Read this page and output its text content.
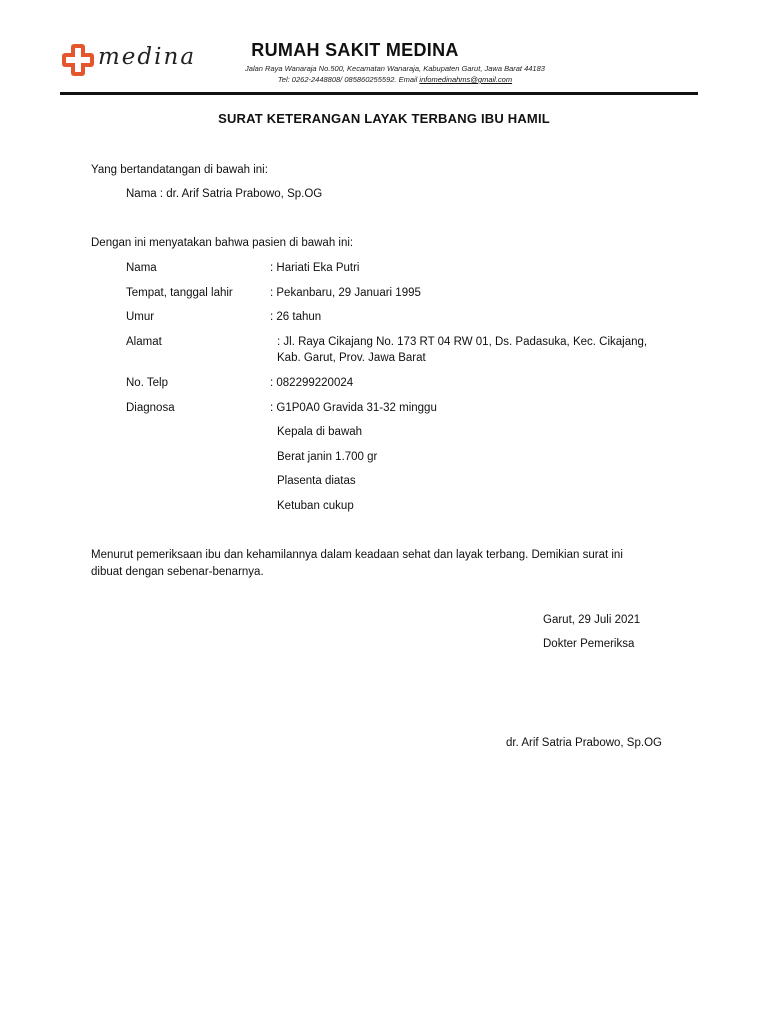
medina	RUMAH SAKIT MEDINA
Jalan Raya Wanaraja No.500, Kecamatan Wanaraja, Kabupaten Garut, Jawa Barat 44183
Tel: 0262-2448808/ 085860255592. Email infomedinahms@gmail.com
SURAT KETERANGAN LAYAK TERBANG IBU HAMIL
Yang bertandatangan di bawah ini:
Nama : dr. Arif Satria Prabowo, Sp.OG
Dengan ini menyatakan bahwa pasien di bawah ini:
Nama	: Hariati Eka Putri
Tempat, tanggal lahir	: Pekanbaru, 29 Januari 1995
Umur	: 26 tahun
Alamat	: Jl. Raya Cikajang No. 173 RT 04 RW 01, Ds. Padasuka, Kec. Cikajang,
Kab. Garut, Prov. Jawa Barat
No. Telp	: 082299220024
Diagnosa	: G1P0A0 Gravida 31-32 minggu
Kepala di bawah
Berat janin 1.700 gr
Plasenta diatas
Ketuban cukup
Menurut pemeriksaan ibu dan kehamilannya dalam keadaan sehat dan layak terbang. Demikian surat ini
dibuat dengan sebenar-benarnya.
Garut, 29 Juli 2021
Dokter Pemeriksa
dr. Arif Satria Prabowo, Sp.OG
